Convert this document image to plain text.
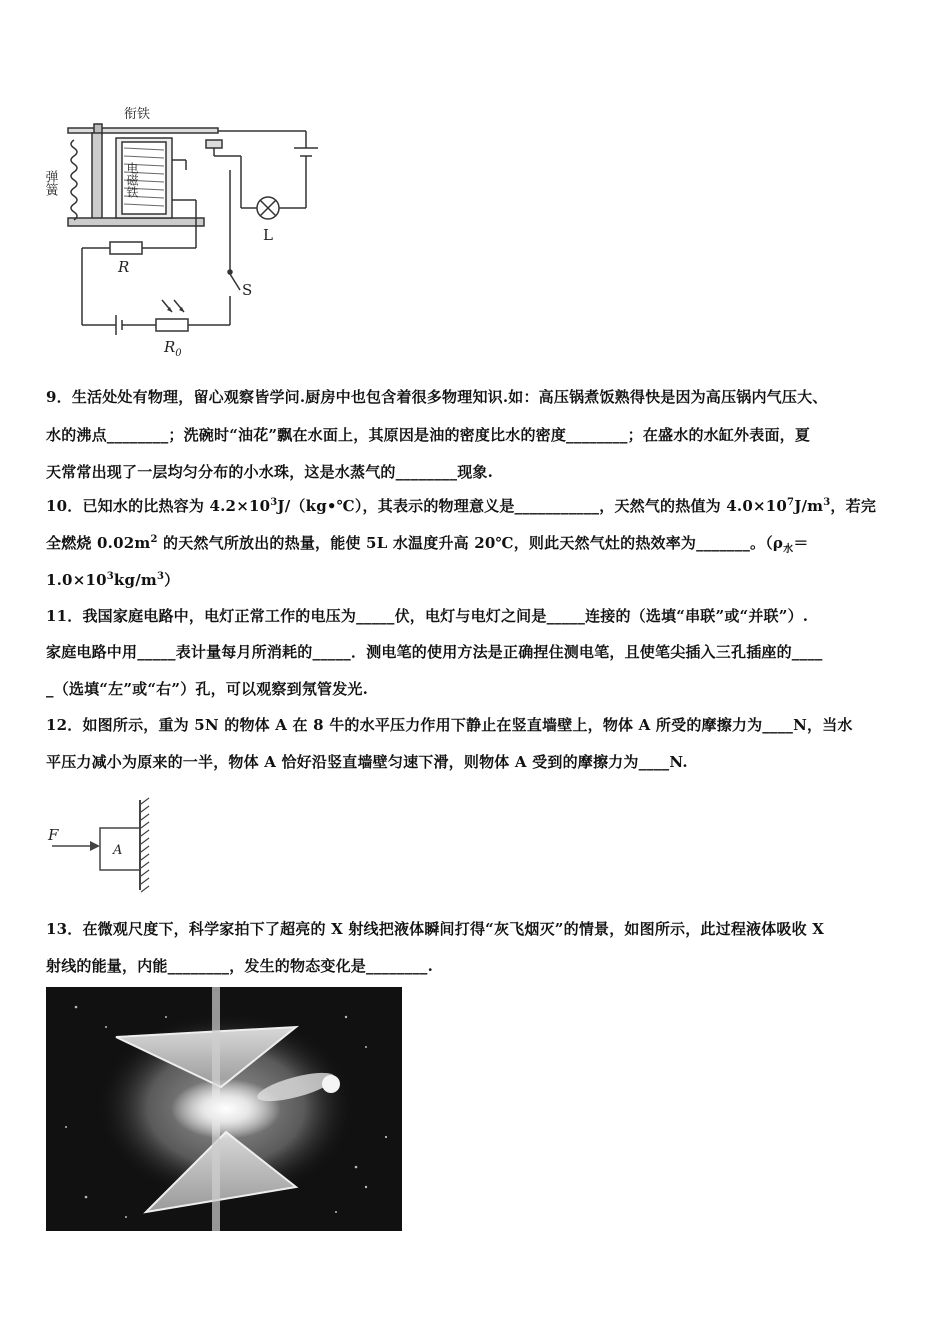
衔铁
弹簧	电磁铁
L
R
S
$R_0$
9．生活处处有物理，留心观察皆学问.厨房中也包含着很多物理知识.如：高压锅煮饭熟得快是因为高压锅内气压大、
水的沸点________；洗碗时“油花”飘在水面上，其原因是油的密度比水的密度________；在盛水的水缸外表面，夏
天常常出现了一层均匀分布的小水珠，这是水蒸气的________现象.
10．已知水的比热容为 $4.2\times 10^3J/(kg•℃)$，其表示的物理意义是___________，天然气的热值为 $4.0\times 10^7J/m^3$，若完
全燃烧 $0.02m^2$ 的天然气所放出的热量，能使 5L 水温度升高 20℃，则此天然气灶的热效率为_______。（$\rho_水=$
$1.0\times 10^3kg/m^3$）
11．我国家庭电路中，电灯正常工作的电压为_____伏，电灯与电灯之间是_____连接的（选填“串联”或“并联”）.
家庭电路中用_____表计量每月所消耗的_____．测电笔的使用方法是正确捏住测电笔，且使笔尖插入三孔插座的____
_（选填“左”或“右”）孔，可以观察到氖管发光.
12．如图所示，重为 5N 的物体 A 在 8 牛的水平压力作用下静止在竖直墙壁上，物体 A 所受的摩擦力为____N，当水
平压力减小为原来的一半，物体 A 恰好沿竖直墙壁匀速下滑，则物体 A 受到的摩擦力为____N.
F
A
13．在微观尺度下，科学家拍下了超亮的 X 射线把液体瞬间打得“灰飞烟灭”的情景，如图所示，此过程液体吸收 X
射线的能量，内能________，发生的物态变化是________.
